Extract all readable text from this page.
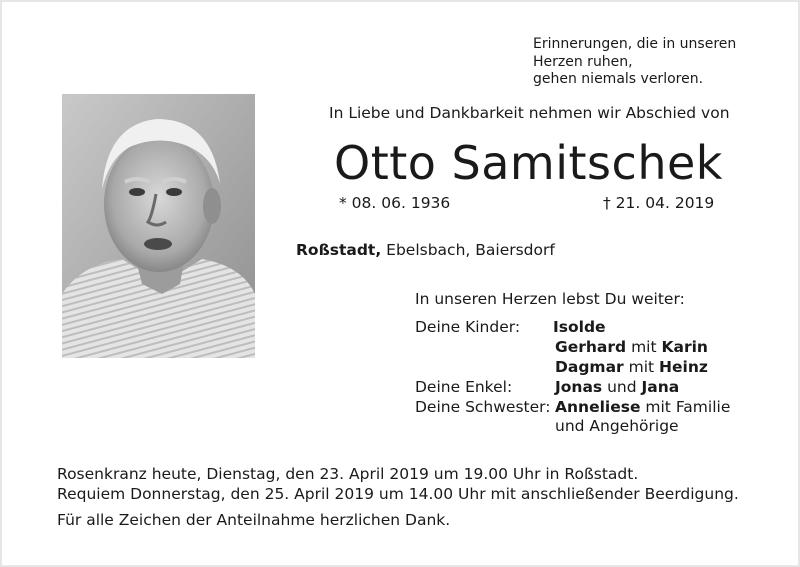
Erinnerungen, die in unseren
Herzen ruhen,
gehen niemals verloren.
In Liebe und Dankbarkeit nehmen wir Abschied von
Otto Samitschek
* 08. 06. 1936	† 21. 04. 2019
Roßstadt, Ebelsbach, Baiersdorf
In unseren Herzen lebst Du weiter:
Deine Kinder: Isolde
Gerhard mit Karin
Dagmar mit Heinz
Deine Enkel:	Jonas und Jana
Deine Schwester: Anneliese mit Familie
und Angehörige
Rosenkranz heute, Dienstag, den 23. April 2019 um 19.00 Uhr in Roßstadt.
Requiem Donnerstag, den 25. April 2019 um 14.00 Uhr mit anschließender Beerdigung.
Für alle Zeichen der Anteilnahme herzlichen Dank.
